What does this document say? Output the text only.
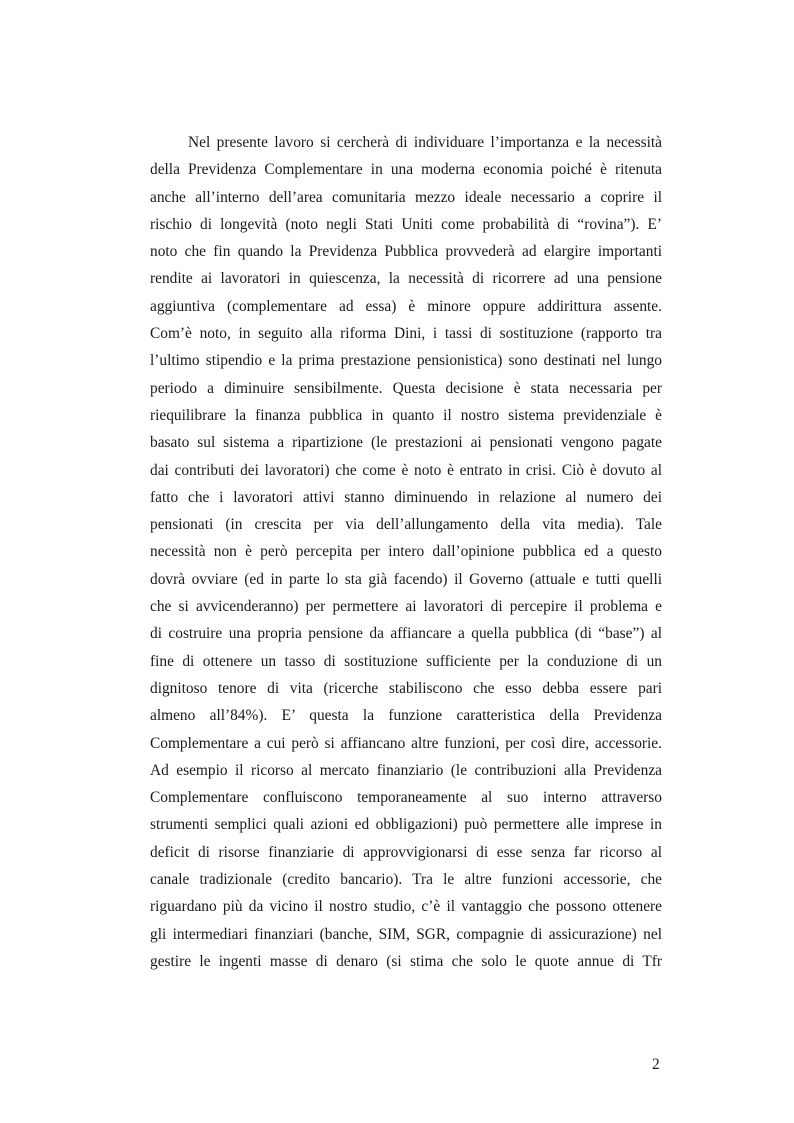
Nel presente lavoro si cercherà di individuare l’importanza e la necessità
della Previdenza Complementare in una moderna economia poiché è ritenuta
anche all’interno dell’area comunitaria mezzo ideale necessario a coprire il
rischio di longevità (noto negli Stati Uniti come probabilità di “rovina”). E’
noto che fin quando la Previdenza Pubblica provvederà ad elargire importanti
rendite ai lavoratori in quiescenza, la necessità di ricorrere ad una pensione
aggiuntiva (complementare ad essa) è minore oppure addirittura assente.
Com’è noto, in seguito alla riforma Dini, i tassi di sostituzione (rapporto tra
l’ultimo stipendio e la prima prestazione pensionistica) sono destinati nel lungo
periodo a diminuire sensibilmente. Questa decisione è stata necessaria per
riequilibrare la finanza pubblica in quanto il nostro sistema previdenziale è
basato sul sistema a ripartizione (le prestazioni ai pensionati vengono pagate
dai contributi dei lavoratori) che come è noto è entrato in crisi. Ciò è dovuto al
fatto che i lavoratori attivi stanno diminuendo in relazione al numero dei
pensionati (in crescita per via dell’allungamento della vita media). Tale
necessità non è però percepita per intero dall’opinione pubblica ed a questo
dovrà ovviare (ed in parte lo sta già facendo) il Governo (attuale e tutti quelli
che si avvicenderanno) per permettere ai lavoratori di percepire il problema e
di costruire una propria pensione da affiancare a quella pubblica (di “base”) al
fine di ottenere un tasso di sostituzione sufficiente per la conduzione di un
dignitoso tenore di vita (ricerche stabiliscono che esso debba essere pari
almeno all’84%). E’ questa la funzione caratteristica della Previdenza
Complementare a cui però si affiancano altre funzioni, per così dire, accessorie.
Ad esempio il ricorso al mercato finanziario (le contribuzioni alla Previdenza
Complementare confluiscono temporaneamente al suo interno attraverso
strumenti semplici quali azioni ed obbligazioni) può permettere alle imprese in
deficit di risorse finanziarie di approvvigionarsi di esse senza far ricorso al
canale tradizionale (credito bancario). Tra le altre funzioni accessorie, che
riguardano più da vicino il nostro studio, c’è il vantaggio che possono ottenere
gli intermediari finanziari (banche, SIM, SGR, compagnie di assicurazione) nel
gestire le ingenti masse di denaro (si stima che solo le quote annue di Tfr
2
